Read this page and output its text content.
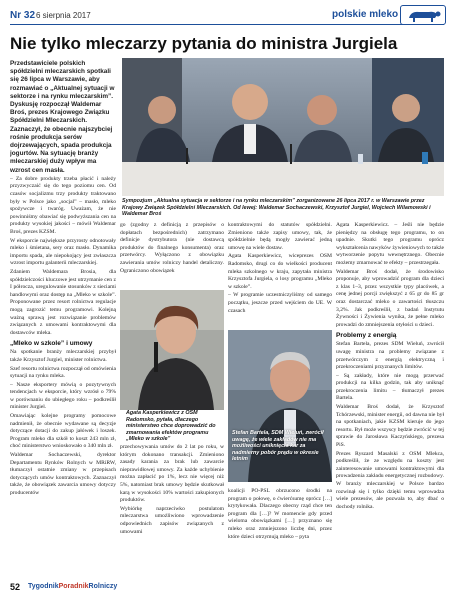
Nr 32 6 sierpnia 2017	polskie mleko
Nie tylko mleczarzy pytania do ministra Jurgiela

Przedstawiciele polskich spółdzielni mleczarskich spotkali się 26 lipca w Warszawie, aby rozmawiać o „Aktualnej sytuacji w sektorze i na rynku mleczarskim”. Dyskusję rozpoczął Waldemar Broś, prezes Krajowego Związku Spółdzielni Mleczarskich. Zaznaczył, że obecnie najszybciej rośnie produkcja serów dojrzewających, spada produkcja jogurtów. Na sytuację branży mleczarskiej duży wpływ ma wzrost cen masła.

– Za dobre produkty trzeba płacić i należy przyzwyczaić się do tego poziomu cen. Od czasów socjalizmu trzy produkty traktowano były w Polsce jako „socjal” – masło, mleko spożywcze i twaróg. Uważam, że nie powinniśmy obawiać się podwyższania cen na produkty wysokiej jakości – mówił Waldemar Broś, prezes KZSM.

W eksporcie największe przyrosty odnotowały mleko i śmietana, sery oraz masło. Dynamika importu spada, ale niepokojący jest zwłaszcza wzrost importu galanterii mleczarskiej.

Zdaniem Waldemara Brosia, dla spółdzielczości kluczowe jest utrzymanie cen z I półrocza, uregulowanie stosunków z sieciami handlowymi oraz dostęp na „Mleko w szkole”. Proponowane przez resort rolnictwa regulacje mogą zagrozić temu programowi. Kolejną ważną sprawą jest rozwiązanie problemów związanych z umowami kontraktowymi dla dostawców mleka.

„Mleko w szkole” i umowy

Na spotkanie branży mleczarskiej przybył także Krzysztof Jurgiel, minister rolnictwa.

Szef resortu rolnictwa rozpoczął od omówienia sytuacji na rynku mleka.

– Nasze eksportery mówią o pozytywnych tendencjach w eksporcie, który wzrósł o 79% w porównaniu do ubiegłego roku – podkreślił minister Jurgiel.

Omawiając kolejne programy pomocowe nadmienił, że obecnie wydawane są decyzje dotyczące dotacji do zakup jałówek i loszek. Program mleko dla szkół to koszt 243 mln zł, choć ministerstwo wnioskowało o 340 mln zł.

Waldemar Sochaczewski, dyrektor Departamentu Rynków Rolnych w MRiRW, tłumaczył ostatnie zmiany w przepisach dotyczących umów kontraktowych. Zaznaczył także, że obowiązek zawarcia umowy dotyczy producentów

Sympozjum „Aktualna sytuacja w sektorze i na rynku mleczarskim” zorganizowane 26 lipca 2017 r. w Warszawie przez Krajowy Związek Spółdzielni Mleczarskich. Od lewej: Waldemar Sochaczewski, Krzysztof Jurgiel, Wojciech Wilamowski i Waldemar Broś

go (zgodny z definicją z przepisów o dopłatach bezpośrednich) zatrzymano definicje dystrybutora (nie dostawcą produktów do finalnego konsumenta) oraz przetwórcy. Wyłączono z obowiązku zawierania umów rolniczy handel detaliczny. Ograniczono obowiązek

Agata Kasperkiewicz z OSM Radomsko, pytała, dlaczego ministerstwo chce doprowadzić do zmarnowania efektów programu „Mleko w szkole”

przechowywania umów do 2 lat po roku, w którym dokonano transakcji. Zmieniono zasady karania za brak lub zawarcie nieprawidłowej umowy. Za każde uchybienie można zapłacić po 1%, lecz nie więcej niż 5%, natomiast brak umowy będzie skutkował karą w wysokości 10% wartości zakupionych produktów.

Wybiórkę naprzeciwko postulatom mleczarstwa umożliwiono wprowadzenie odpowiednich zapisów związanych z umowami

kontraktowymi do statutów spółdzielni. Zmieniono także zapisy umowy, tak, że spółdzielnie będą mogły zawierać jedną umowę na wiele dostaw.

Agata Kasperkiewicz, wiceprezes OSM Radomsko, drugi co do wielkości producent mleka szkolnego w kraju, zapytała ministra Krzysztofa Jurgiela, o losy programu „Mleko w szkole”.

– W programie uczestniczyliśmy od samego początku, jeszcze przed wejściem do UE. W czasach

Stefan Bartela, SDM Wieluń, zwrócił uwagę, że wiele zakładów nie ma możliwości uniknięcia kar za nadmierny pobór prądu w okresie letnim

koalicji PO-PSL obrzucono środki na program o połowę, o ćwierćsumę oprócz […] krytykowała. Dlaczego obecny rząd chce ten program dla […]? W momencie gdy przed wieloma obowiązkami […] przyznano się mleko oraz zmniejszono liczbę dni, przez które dzieci otrzymują mleko – pyta

Agata Kasperkiewicz. – Jeśli nie będzie pieniędzy na obsługę tego programu, to on upadnie. Skutki tego programu oprócz wykształcenia nawyków żywieniowych to także wytworzenie popytu wewnętrznego. Obecnie możemy zmarnować te efekty – przestrzegała.

Waldemar Broś dodał, że środowisko proponuje, aby wprowadzić program dla dzieci z klas 1–3, przez wszystkie typy placówek, a cenę jednej porcji zwiększyć z 65 gr do 85 gr oraz dostarczać mleko o zawartości tłuszczu 3,2%. Jak podkreślił, z badań Instytutu Żywności i Żywienia wynika, że pełne mleko prowadzi do zmniejszenia otyłości u dzieci.

Problemy z energią

Stefan Bartela, prezes SDM Wieluń, zwrócił uwagę ministra na problemy związane z przetwórczym z energią elektryczną i przekroczeniami przyznanych limitów.

– Są zakłady, które nie mogą przerwać produkcji na kilka godzin, tak aby uniknąć przekroczenia limitu – tłumaczył prezes Bartela.

Waldemar Broś dodał, że Krzysztof Tchórzewski, minister energii, od dawna nie był na spotkaniach, jakie KZSM kieruje do jego resortu. Był może wszyscy będzie zwrócić w tej sprawie do Jarosława Kaczyńskiego, prezesa PiS.

Prezes Ryszard Masalski z OSM Mlekca, podkreślił, że ze względu na koszty jest zainteresowanie umowami kontraktowymi dla prowadzenia zakładu energetycznej rozbudowy. W branży mleczarskiej w Polsce bardzo rozwinął się i tylko dzięki temu wprowadza wiele prezesów, ale pozwala to, aby dbać o dochody rolnika.

52 TygodnikPoradnikRolniczy
